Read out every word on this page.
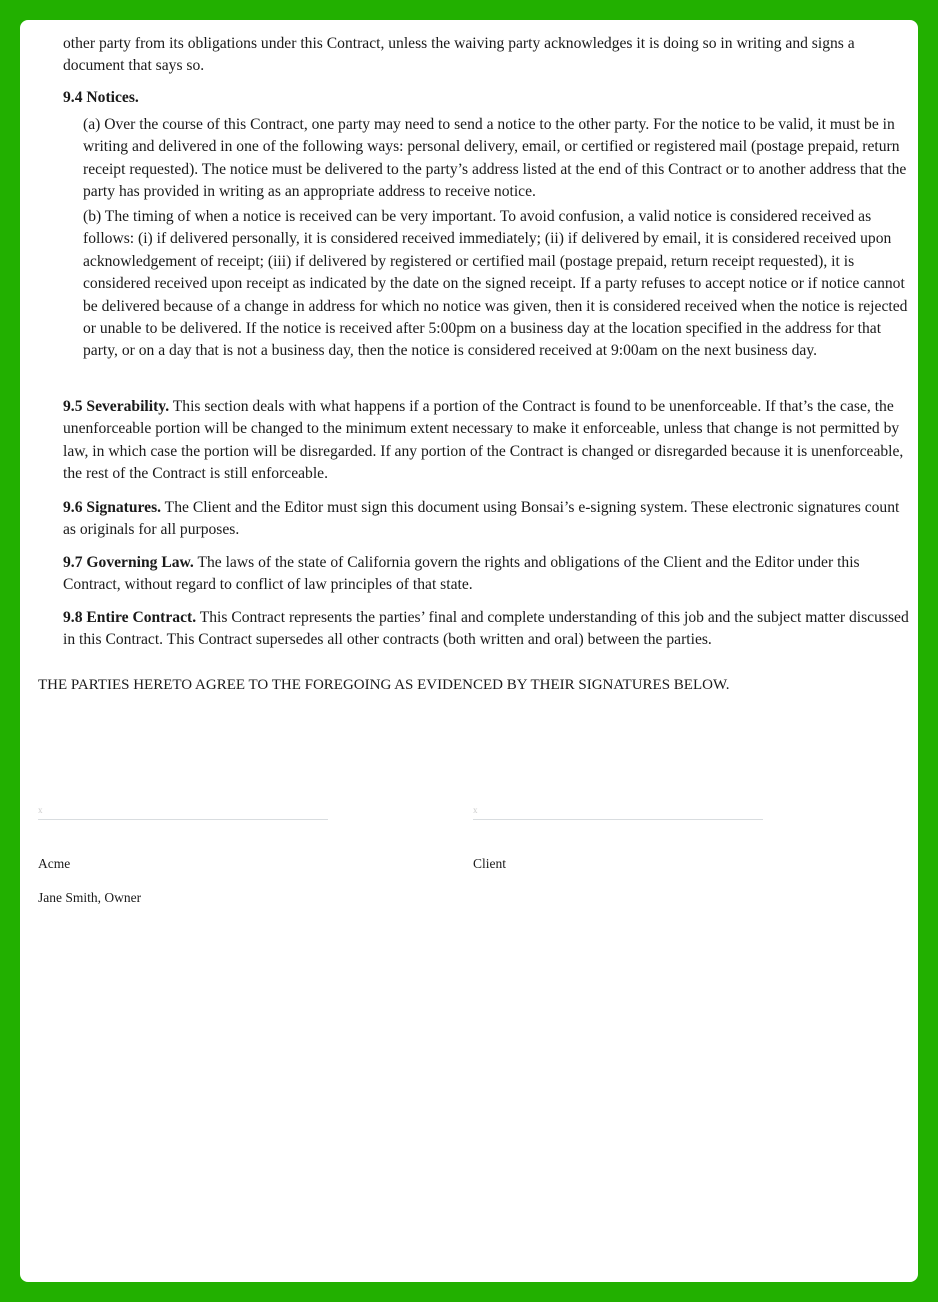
other party from its obligations under this Contract, unless the waiving party acknowledges it is doing so in writing and signs a document that says so.

9.4 Notices.

(a) Over the course of this Contract, one party may need to send a notice to the other party. For the notice to be valid, it must be in writing and delivered in one of the following ways: personal delivery, email, or certified or registered mail (postage prepaid, return receipt requested). The notice must be delivered to the party’s address listed at the end of this Contract or to another address that the party has provided in writing as an appropriate address to receive notice.

(b) The timing of when a notice is received can be very important. To avoid confusion, a valid notice is considered received as follows: (i) if delivered personally, it is considered received immediately; (ii) if delivered by email, it is considered received upon acknowledgement of receipt; (iii) if delivered by registered or certified mail (postage prepaid, return receipt requested), it is considered received upon receipt as indicated by the date on the signed receipt. If a party refuses to accept notice or if notice cannot be delivered because of a change in address for which no notice was given, then it is considered received when the notice is rejected or unable to be delivered. If the notice is received after 5:00pm on a business day at the location specified in the address for that party, or on a day that is not a business day, then the notice is considered received at 9:00am on the next business day.

9.5 Severability. This section deals with what happens if a portion of the Contract is found to be unenforceable. If that’s the case, the unenforceable portion will be changed to the minimum extent necessary to make it enforceable, unless that change is not permitted by law, in which case the portion will be disregarded. If any portion of the Contract is changed or disregarded because it is unenforceable, the rest of the Contract is still enforceable.

9.6 Signatures. The Client and the Editor must sign this document using Bonsai’s e-signing system. These electronic signatures count as originals for all purposes.

9.7 Governing Law. The laws of the state of California govern the rights and obligations of the Client and the Editor under this Contract, without regard to conflict of law principles of that state.

9.8 Entire Contract. This Contract represents the parties’ final and complete understanding of this job and the subject matter discussed in this Contract. This Contract supersedes all other contracts (both written and oral) between the parties.

THE PARTIES HERETO AGREE TO THE FOREGOING AS EVIDENCED BY THEIR SIGNATURES BELOW.

x	x
Acme	Client
Jane Smith, Owner
